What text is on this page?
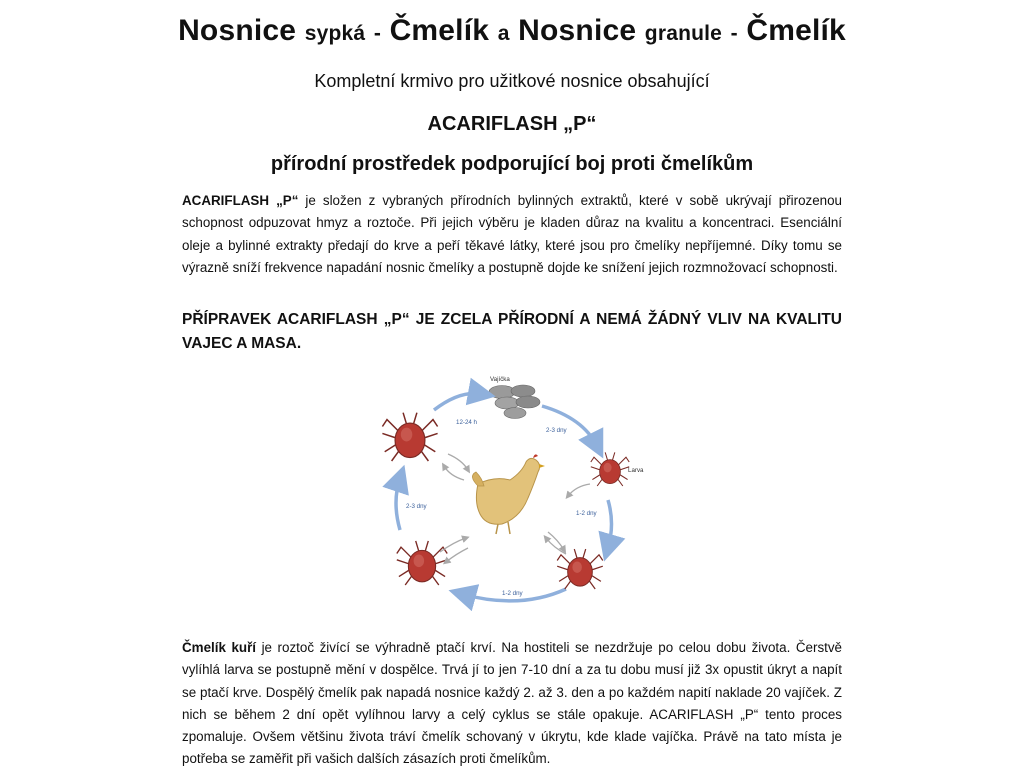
Nosnice sypká - Čmelík a Nosnice granule - Čmelík
Kompletní krmivo pro užitkové nosnice obsahující
ACARIFLASH „P“
přírodní prostředek podporující boj proti čmelíkům
ACARIFLASH „P“ je složen z vybraných přírodních bylinných extraktů, které v sobě ukrývají přirozenou schopnost odpuzovat hmyz a roztoče. Při jejich výběru je kladen důraz na kvalitu a koncentraci. Esenciální oleje a bylinné extrakty předají do krve a peří těkavé látky, které jsou pro čmelíky nepříjemné. Díky tomu se výrazně sníží frekvence napadání nosnic čmelíky a postupně dojde ke snížení jejich rozmnožovací schopnosti.
PŘÍPRAVEK ACARIFLASH „P“ JE ZCELA PŘÍRODNÍ A NEMÁ ŽÁDNÝ VLIV NA KVALITU VAJEC A MASA.
Vajíčka
12-24 h
2-3 dny
1-2 dny
1-2 dny
2-3 dny
Larva
Čmelík kuří je roztoč živící se výhradně ptačí krví. Na hostiteli se nezdržuje po celou dobu života. Čerstvě vylíhlá larva se postupně mění v dospělce. Trvá jí to jen 7-10 dní a za tu dobu musí již 3x opustit úkryt a napít se ptačí krve. Dospělý čmelík pak napadá nosnice každý 2. až 3. den a po každém napití naklade 20 vajíček. Z nich se během 2 dní opět vylíhnou larvy a celý cyklus se stále opakuje. ACARIFLASH „P“ tento proces zpomaluje. Ovšem většinu života tráví čmelík schovaný v úkrytu, kde klade vajíčka. Právě na tato místa je potřeba se zaměřit při vašich dalších zásazích proti čmelíkům.
